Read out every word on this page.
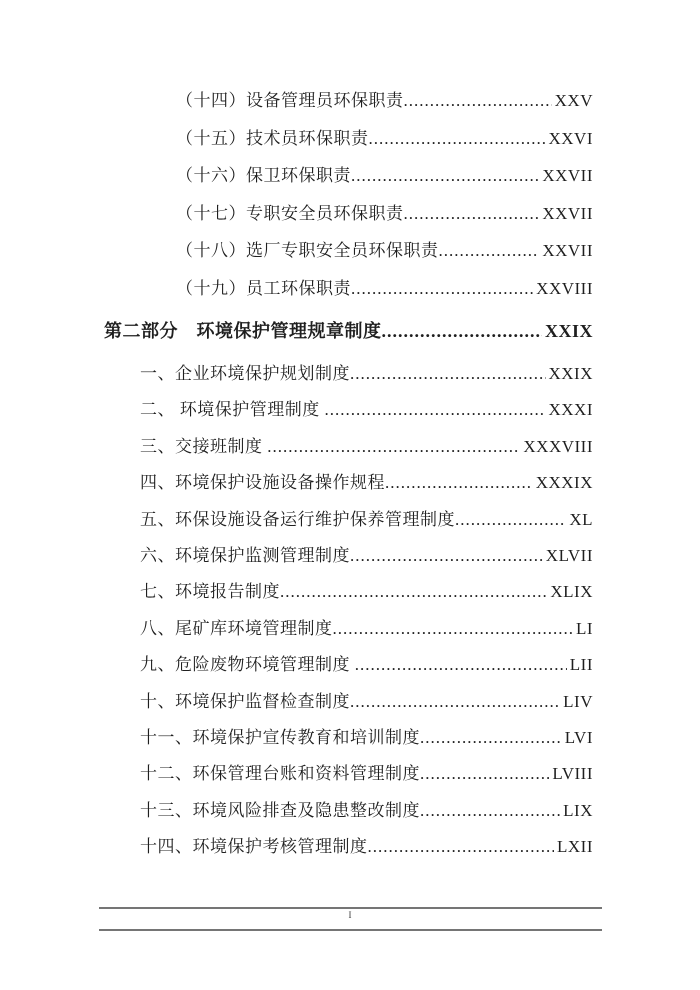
（十四）设备管理员环保职责 .....	XXV
（十五）技术员环保职责 .....	XXVI
（十六）保卫环保职责 .....	XXVII
（十七）专职安全员环保职责 .....	XXVII
（十八）选厂专职安全员环保职责 .....	XXVII
（十九）员工环保职责 .....	XXVIII
第二部分　环境保护管理规章制度 .....	XXIX
一、企业环境保护规划制度 .....	XXIX
二、 环境保护管理制度 .....	XXXI
三、交接班制度 .....	XXXVIII
四、环境保护设施设备操作规程 .....	XXXIX
五、环保设施设备运行维护保养管理制度 .....	XL
六、环境保护监测管理制度 .....	XLVII
七、环境报告制度 .....	XLIX
八、尾矿库环境管理制度 .....	LI
九、危险废物环境管理制度 .....	LII
十、环境保护监督检查制度 .....	LIV
十一、环境保护宣传教育和培训制度 .....	LVI
十二、环保管理台账和资料管理制度 .....	LVIII
十三、环境风险排查及隐患整改制度 .....	LIX
十四、环境保护考核管理制度 .....	LXII
I
